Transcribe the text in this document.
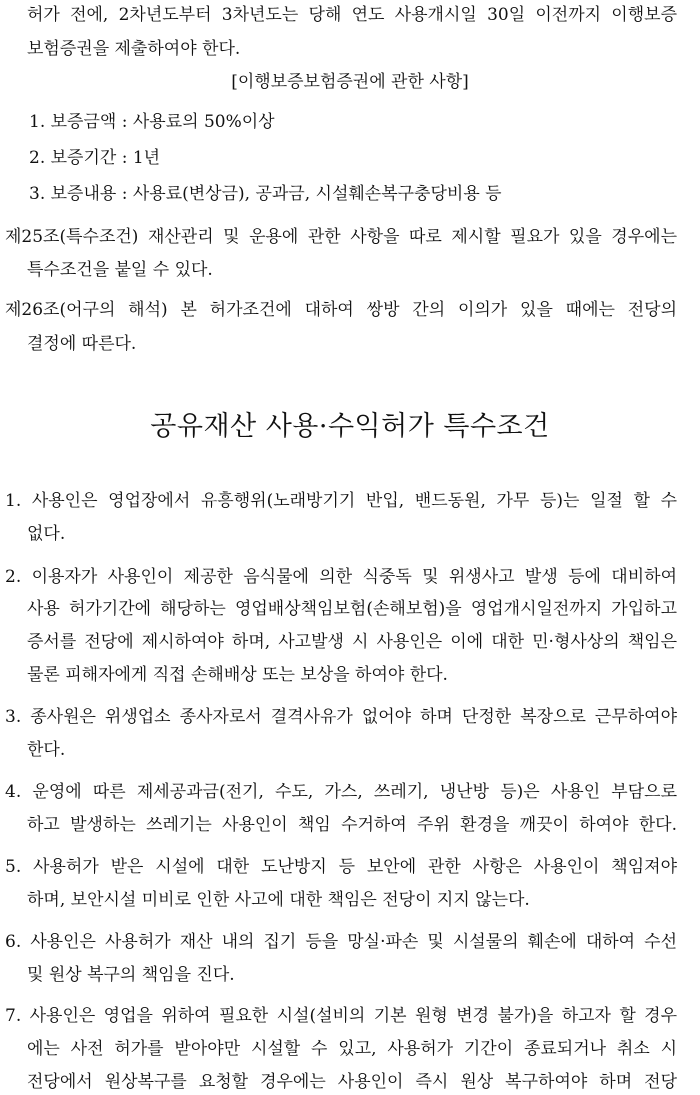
허가 전에, 2차년도부터 3차년도는 당해 연도 사용개시일 30일 이전까지 이행보증
보험증권을 제출하여야 한다.
[이행보증보험증권에 관한 사항]
1. 보증금액 : 사용료의 50%이상
2. 보증기간 : 1년
3. 보증내용 : 사용료(변상금), 공과금, 시설훼손복구충당비용 등
제25조(특수조건) 재산관리 및 운용에 관한 사항을 따로 제시할 필요가 있을 경우에는
특수조건을 붙일 수 있다.
제26조(어구의 해석) 본 허가조건에 대하여 쌍방 간의 이의가 있을 때에는 전당의
결정에 따른다.
공유재산 사용·수익허가 특수조건
1. 사용인은 영업장에서 유흥행위(노래방기기 반입, 밴드동원, 가무 등)는 일절 할 수
없다.
2. 이용자가 사용인이 제공한 음식물에 의한 식중독 및 위생사고 발생 등에 대비하여
사용 허가기간에 해당하는 영업배상책임보험(손해보험)을 영업개시일전까지 가입하고
증서를 전당에 제시하여야 하며, 사고발생 시 사용인은 이에 대한 민·형사상의 책임은
물론 피해자에게 직접 손해배상 또는 보상을 하여야 한다.
3. 종사원은 위생업소 종사자로서 결격사유가 없어야 하며 단정한 복장으로 근무하여야
한다.
4. 운영에 따른 제세공과금(전기, 수도, 가스, 쓰레기, 냉난방 등)은 사용인 부담으로
하고 발생하는 쓰레기는 사용인이 책임 수거하여 주위 환경을 깨끗이 하여야 한다.
5. 사용허가 받은 시설에 대한 도난방지 등 보안에 관한 사항은 사용인이 책임져야
하며, 보안시설 미비로 인한 사고에 대한 책임은 전당이 지지 않는다.
6. 사용인은 사용허가 재산 내의 집기 등을 망실·파손 및 시설물의 훼손에 대하여 수선
및 원상 복구의 책임을 진다.
7. 사용인은 영업을 위하여 필요한 시설(설비의 기본 원형 변경 불가)을 하고자 할 경우
에는 사전 허가를 받아야만 시설할 수 있고, 사용허가 기간이 종료되거나 취소 시
전당에서 원상복구를 요청할 경우에는 사용인이 즉시 원상 복구하여야 하며 전당
